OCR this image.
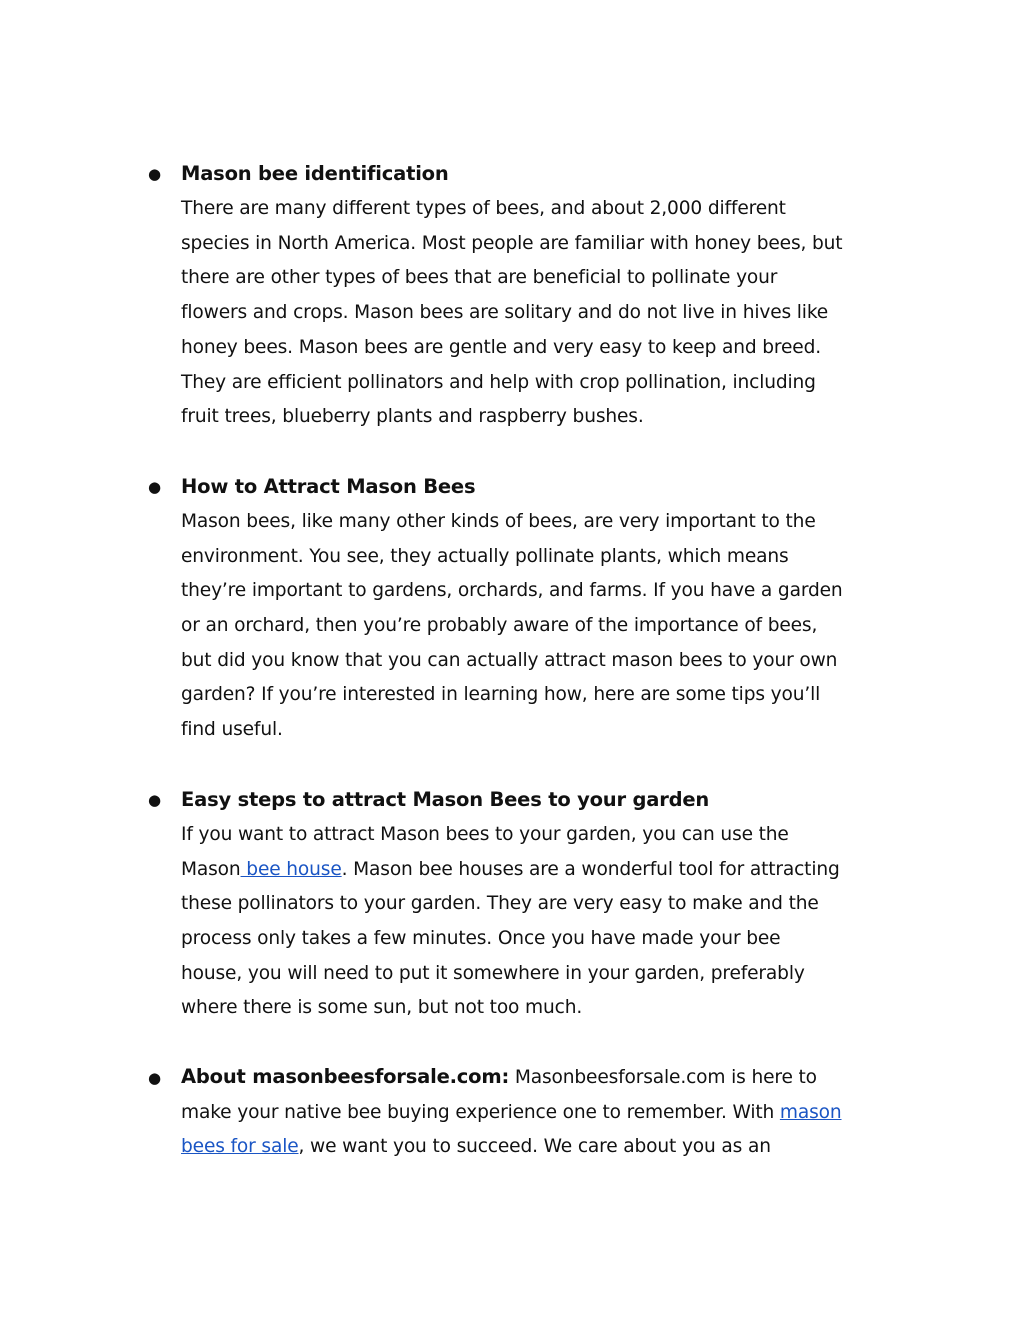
● Mason bee identification

There are many different types of bees, and about 2,000 different

species in North America. Most people are familiar with honey bees, but

there are other types of bees that are beneficial to pollinate your

flowers and crops. Mason bees are solitary and do not live in hives like

honey bees. Mason bees are gentle and very easy to keep and breed.

They are efficient pollinators and help with crop pollination, including

fruit trees, blueberry plants and raspberry bushes.

● How to Attract Mason Bees

Mason bees, like many other kinds of bees, are very important to the

environment. You see, they actually pollinate plants, which means

they’re important to gardens, orchards, and farms. If you have a garden

or an orchard, then you’re probably aware of the importance of bees,

but did you know that you can actually attract mason bees to your own

garden? If you’re interested in learning how, here are some tips you’ll

find useful.

● Easy steps to attract Mason Bees to your garden

If you want to attract Mason bees to your garden, you can use the

Mason bee house. Mason bee houses are a wonderful tool for attracting

these pollinators to your garden. They are very easy to make and the

process only takes a few minutes. Once you have made your bee

house, you will need to put it somewhere in your garden, preferably

where there is some sun, but not too much.

● About masonbeesforsale.com: Masonbeesforsale.com is here to

make your native bee buying experience one to remember. With mason

bees for sale, we want you to succeed. We care about you as an
